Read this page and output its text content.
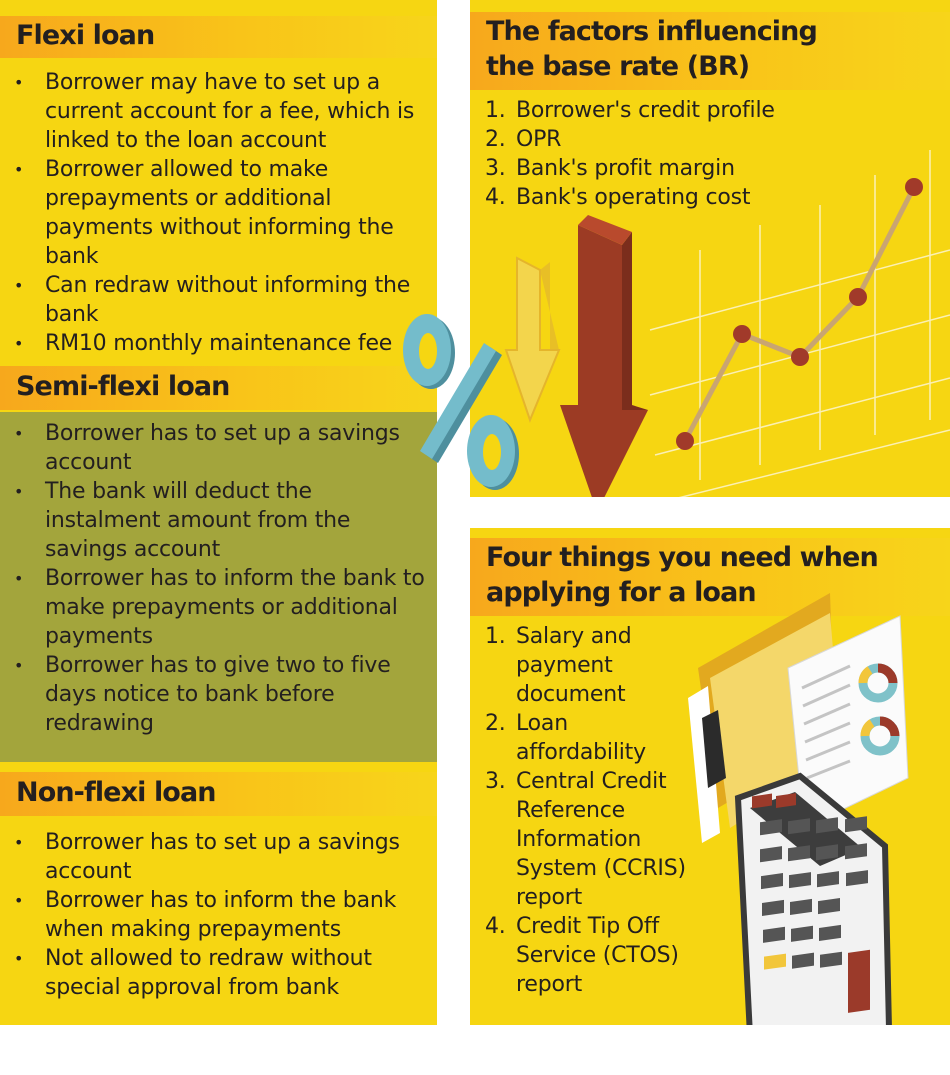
Flexi loan
• Borrower may have to set up a current account for a fee, which is linked to the loan account
• Borrower allowed to make prepayments or additional payments without informing the bank
• Can redraw without informing the bank
• RM10 monthly maintenance fee
Semi-flexi loan
• Borrower has to set up a savings account
• The bank will deduct the instalment amount from the savings account
• Borrower has to inform the bank to make prepayments or additional payments
• Borrower has to give two to five days notice to bank before redrawing
Non-flexi loan
• Borrower has to set up a savings account
• Borrower has to inform the bank when making prepayments
• Not allowed to redraw without special approval from bank
The factors influencing
the base rate (BR)
1. Borrower's credit profile
2. OPR
3. Bank's profit margin
4. Bank's operating cost
Four things you need when
applying for a loan
1. Salary and payment document
2. Loan affordability
3. Central Credit Reference Information System (CCRIS) report
4. Credit Tip Off Service (CTOS) report
